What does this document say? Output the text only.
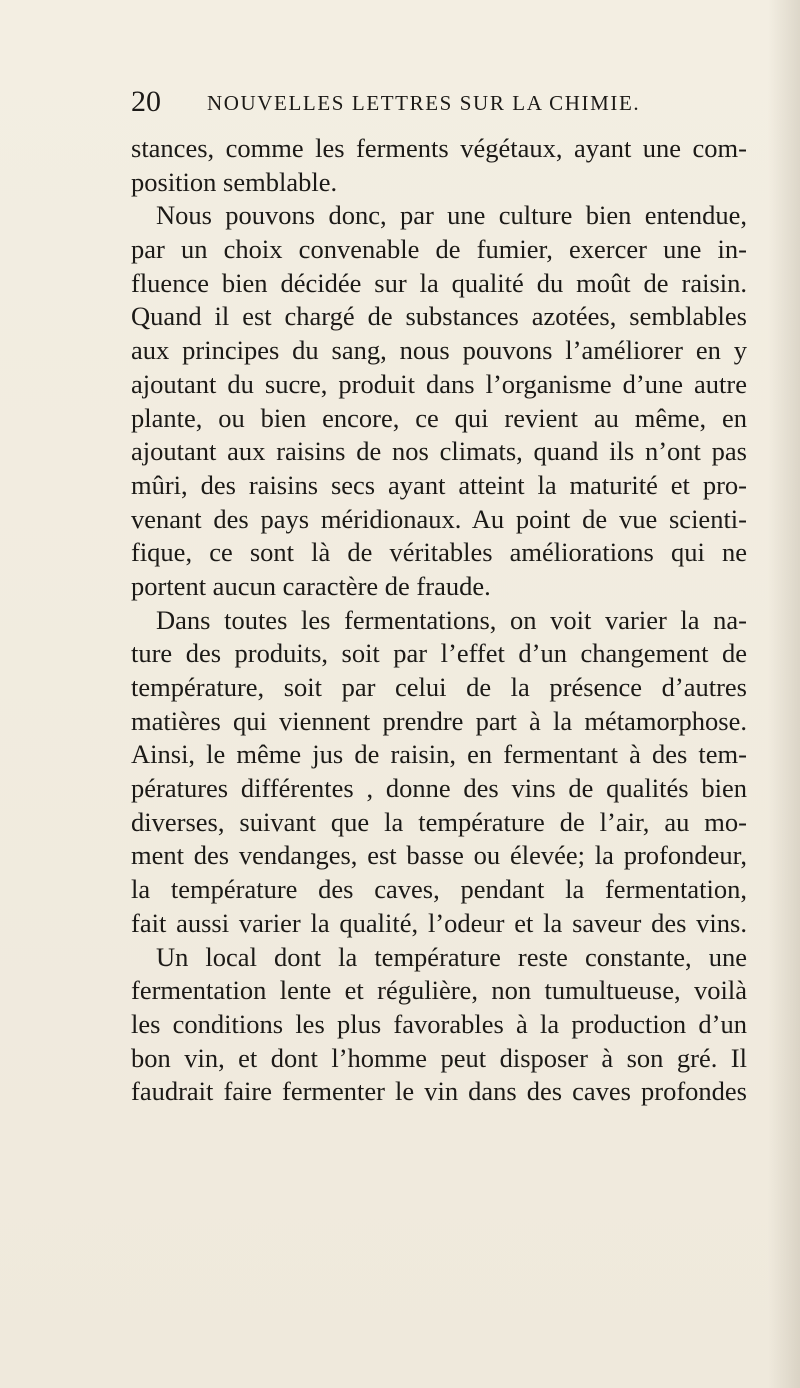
20 NOUVELLES LETTRES SUR LA CHIMIE.
stances, comme les ferments végétaux, ayant une com-
position semblable.
Nous pouvons donc, par une culture bien entendue,
par un choix convenable de fumier, exercer une in-
fluence bien décidée sur la qualité du moût de raisin.
Quand il est chargé de substances azotées, semblables
aux principes du sang, nous pouvons l’améliorer en y
ajoutant du sucre, produit dans l’organisme d’une autre
plante, ou bien encore, ce qui revient au même, en
ajoutant aux raisins de nos climats, quand ils n’ont pas
mûri, des raisins secs ayant atteint la maturité et pro-
venant des pays méridionaux. Au point de vue scienti-
fique, ce sont là de véritables améliorations qui ne
portent aucun caractère de fraude.
Dans toutes les fermentations, on voit varier la na-
ture des produits, soit par l’effet d’un changement de
température, soit par celui de la présence d’autres
matières qui viennent prendre part à la métamorphose.
Ainsi, le même jus de raisin, en fermentant à des tem-
pératures différentes , donne des vins de qualités bien
diverses, suivant que la température de l’air, au mo-
ment des vendanges, est basse ou élevée; la profondeur,
la température des caves, pendant la fermentation,
fait aussi varier la qualité, l’odeur et la saveur des vins.
Un local dont la température reste constante, une
fermentation lente et régulière, non tumultueuse, voilà
les conditions les plus favorables à la production d’un
bon vin, et dont l’homme peut disposer à son gré. Il
faudrait faire fermenter le vin dans des caves profondes
